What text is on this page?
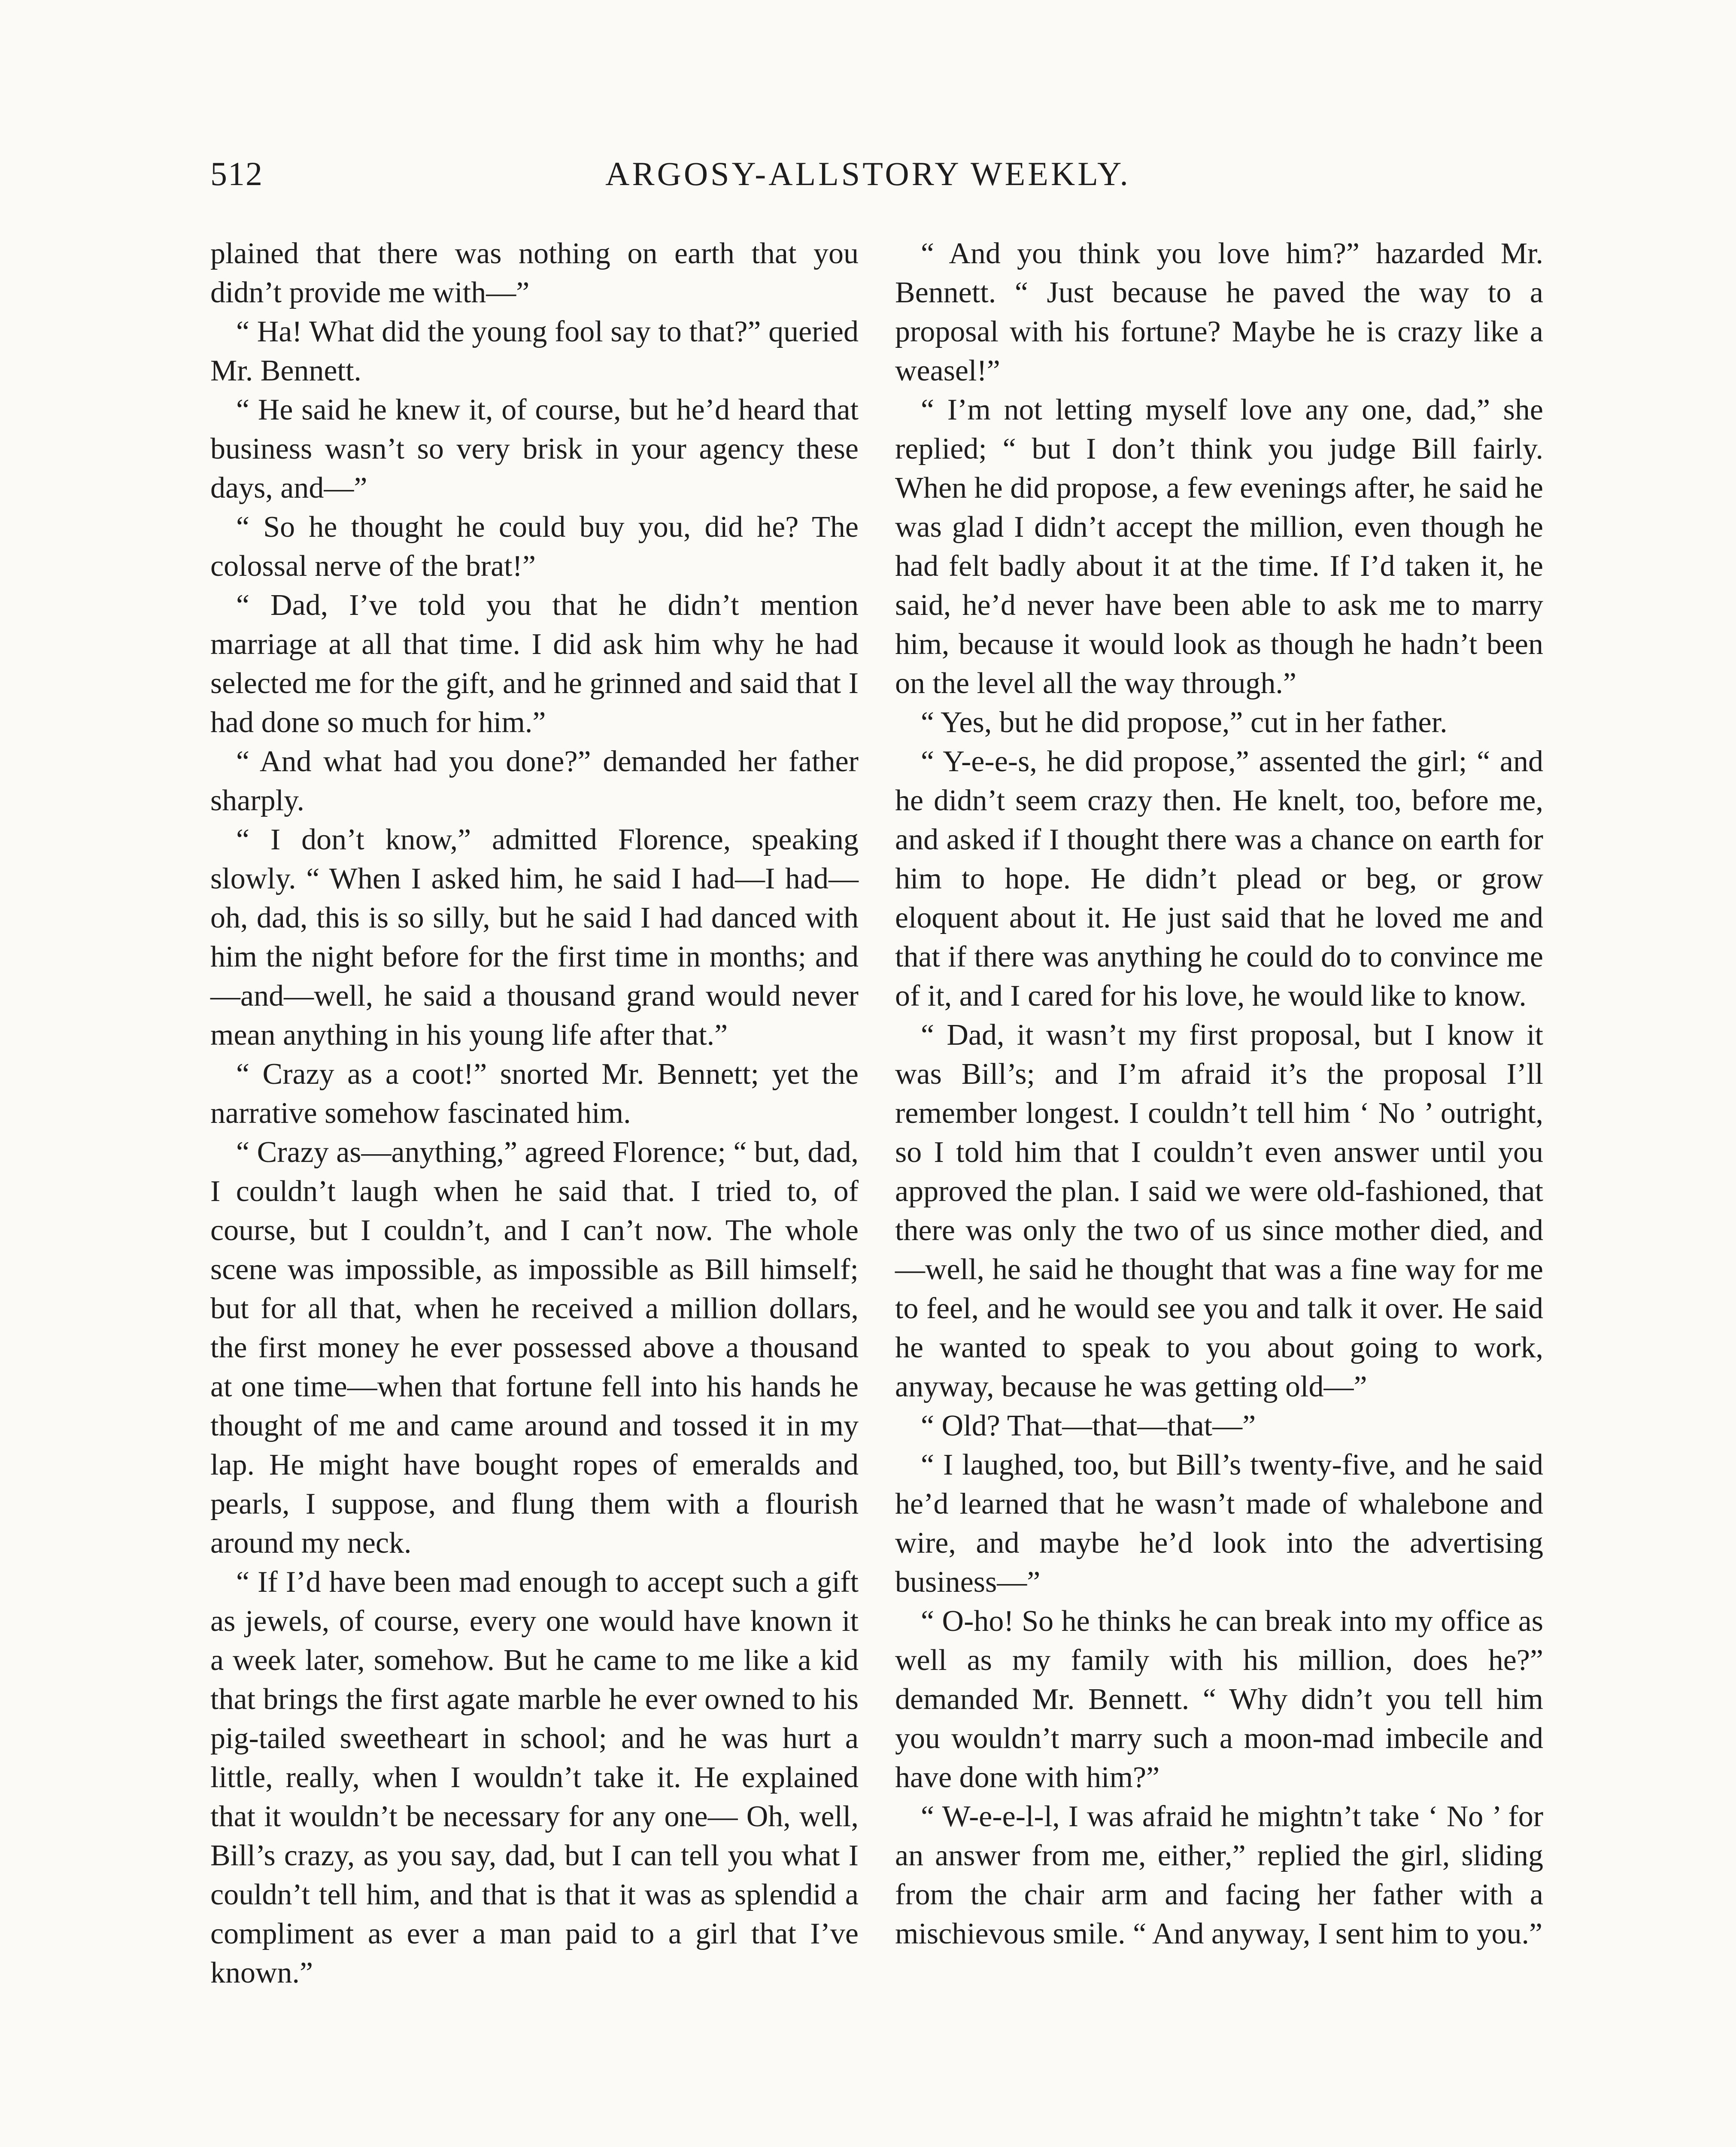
512	ARGOSY-ALLSTORY WEEKLY.

plained that there was nothing on earth that you didn’t provide me with—”

“ Ha! What did the young fool say to that?” queried Mr. Bennett.

“ He said he knew it, of course, but he’d heard that business wasn’t so very brisk in your agency these days, and—”

“ So he thought he could buy you, did he? The colossal nerve of the brat!”

“ Dad, I’ve told you that he didn’t mention marriage at all that time. I did ask him why he had selected me for the gift, and he grinned and said that I had done so much for him.”

“ And what had you done?” demanded her father sharply.

“ I don’t know,” admitted Florence, speaking slowly. “ When I asked him, he said I had—I had—oh, dad, this is so silly, but he said I had danced with him the night before for the first time in months; and—and—well, he said a thousand grand would never mean anything in his young life after that.”

“ Crazy as a coot!” snorted Mr. Bennett; yet the narrative somehow fascinated him.

“ Crazy as—anything,” agreed Florence; “ but, dad, I couldn’t laugh when he said that. I tried to, of course, but I couldn’t, and I can’t now. The whole scene was impossible, as impossible as Bill himself; but for all that, when he received a million dollars, the first money he ever possessed above a thousand at one time—when that fortune fell into his hands he thought of me and came around and tossed it in my lap. He might have bought ropes of emeralds and pearls, I suppose, and flung them with a flourish around my neck.

“ If I’d have been mad enough to accept such a gift as jewels, of course, every one would have known it a week later, somehow. But he came to me like a kid that brings the first agate marble he ever owned to his pig-tailed sweetheart in school; and he was hurt a little, really, when I wouldn’t take it. He explained that it wouldn’t be necessary for any one— Oh, well, Bill’s crazy, as you say, dad, but I can tell you what I couldn’t tell him, and that is that it was as splendid a compliment as ever a man paid to a girl that I’ve known.”

“ And you think you love him?” hazarded Mr. Bennett. “ Just because he paved the way to a proposal with his fortune? Maybe he is crazy like a weasel!”

“ I’m not letting myself love any one, dad,” she replied; “ but I don’t think you judge Bill fairly. When he did propose, a few evenings after, he said he was glad I didn’t accept the million, even though he had felt badly about it at the time. If I’d taken it, he said, he’d never have been able to ask me to marry him, because it would look as though he hadn’t been on the level all the way through.”

“ Yes, but he did propose,” cut in her father.

“ Y-e-e-s, he did propose,” assented the girl; “ and he didn’t seem crazy then. He knelt, too, before me, and asked if I thought there was a chance on earth for him to hope. He didn’t plead or beg, or grow eloquent about it. He just said that he loved me and that if there was anything he could do to convince me of it, and I cared for his love, he would like to know.

“ Dad, it wasn’t my first proposal, but I know it was Bill’s; and I’m afraid it’s the proposal I’ll remember longest. I couldn’t tell him ‘ No ’ outright, so I told him that I couldn’t even answer until you approved the plan. I said we were old-fashioned, that there was only the two of us since mother died, and—well, he said he thought that was a fine way for me to feel, and he would see you and talk it over. He said he wanted to speak to you about going to work, anyway, because he was getting old—”

“ Old? That—that—that—”

“ I laughed, too, but Bill’s twenty-five, and he said he’d learned that he wasn’t made of whalebone and wire, and maybe he’d look into the advertising business—”

“ O-ho! So he thinks he can break into my office as well as my family with his million, does he?” demanded Mr. Bennett. “ Why didn’t you tell him you wouldn’t marry such a moon-mad imbecile and have done with him?”

“ W-e-e-l-l, I was afraid he mightn’t take ‘ No ’ for an answer from me, either,” replied the girl, sliding from the chair arm and facing her father with a mischievous smile. “ And anyway, I sent him to you.”
